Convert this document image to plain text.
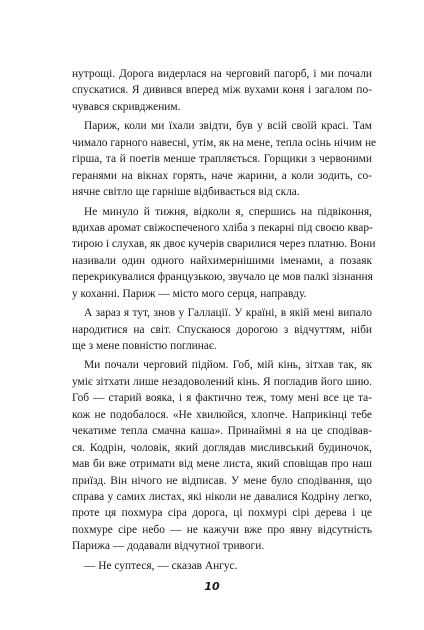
нутрощі. Дорога видерлася на черговий пагорб, і ми почали
спускатися. Я дивився вперед між вухами коня і загалом по-
чувався скривдженим.
Париж, коли ми їхали звідти, був у всій своїй красі. Там
чимало гарного навесні, утім, як на мене, тепла осінь нічим не
гірша, та й поетів менше трапляється. Горщики з червоними
геранями на вікнах горять, наче жарини, а коли зодить, со-
нячне світло ще гарніше відбивається від скла.
Не минуло й тижня, відколи я, спершись на підвіконня,
вдихав аромат свіжоспеченого хліба з пекарні під своєю квар-
тирою і слухав, як двоє кучерів сварилися через платню. Вони
називали один одного найхимернішими іменами, а позаяк
перекрикувалися французькою, звучало це мов палкі зізнання
у коханні. Париж — місто мого серця, направду.
А зараз я тут, знов у Галлації. У країні, в якій мені випало
народитися на світ. Спускаюся дорогою з відчуттям, ніби
ще з мене повністю поглинає.
Ми почали черговий підйом. Гоб, мій кінь, зітхав так, як
уміє зітхати лише незадоволений кінь. Я погладив його шию.
Гоб — старий вояка, і я фактично теж, тому мені все це та-
кож не подобалося. «Не хвилюйся, хлопче. Наприкінці тебе
чекатиме тепла смачна каша». Принаймні я на це сподівав-
ся. Кодрін, чоловік, який доглядав мисливський будиночок,
мав би вже отримати від мене листа, який сповіщав про наш
приїзд. Він нічого не відписав. У мене було сподівання, що
справа у самих листах, які ніколи не давалися Кодріну легко,
проте ця похмура сіра дорога, ці похмурі сірі дерева і це
похмуре сіре небо — не кажучи вже про явну відсутність
Парижа — додавали відчутної тривоги.
— Не суптеся, — сказав Ангус.
10
